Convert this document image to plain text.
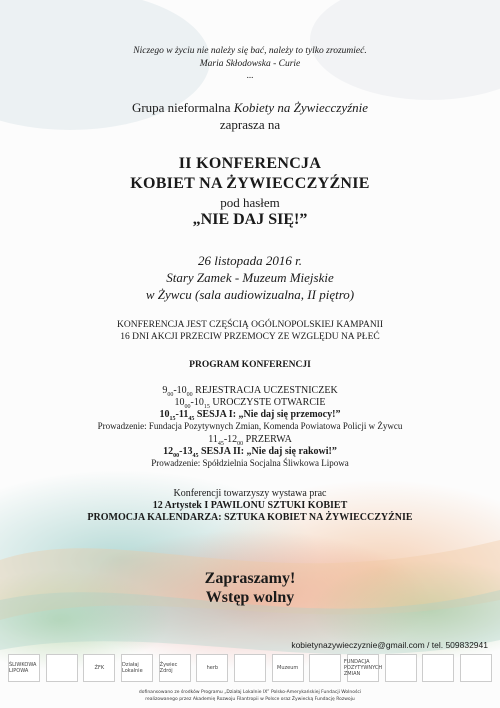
Niczego w życiu nie należy się bać, należy to tylko zrozumieć.
Maria Skłodowska - Curie
...
Grupa nieformalna Kobiety na Żywiecczyźnie
zaprasza na
II KONFERENCJA
KOBIET NA ŻYWIECCZYŹNIE
pod hasłem
„NIE DAJ SIĘ!”
26 listopada 2016 r.
Stary Zamek - Muzeum Miejskie
w Żywcu (sala audiowizualna, II piętro)
KONFERENCJA JEST CZĘŚCIĄ OGÓLNOPOLSKIEJ KAMPANII
16 DNI AKCJI PRZECIW PRZEMOCY ZE WZGLĘDU NA PŁEĆ
PROGRAM KONFERENCJI
$9_{00}-10_{00}$ REJESTRACJA UCZESTNICZEK
$10_{00}-10_{15}$ UROCZYSTE OTWARCIE
$10_{15}-11_{45}$ SESJA I: „Nie daj się przemocy!”
Prowadzenie: Fundacja Pozytywnych Zmian, Komenda Powiatowa Policji w Żywcu
$11_{45}-12_{00}$ PRZERWA
$12_{00}-13_{45}$ SESJA II: „Nie daj się rakowi!”
Prowadzenie: Spółdzielnia Socjalna Śliwkowa Lipowa
Konferencji towarzyszy wystawa prac
12 Artystek I PAWILONU SZTUKI KOBIET
PROMOCJA KALENDARZA: SZTUKA KOBIET NA ŻYWIECCZYŹNIE
Zapraszamy!
Wstęp wolny
kobietynazywieczyznie@gmail.com / tel. 509832941
ŚLIWKOWA LIPOWA	ŻFK	Działaj Lokalnie
Żywiec Zdrój	herb	Muzeum
FUNDACJA POZYTYWNYCH ZMIAN
dofinansowano ze środków Programu „Działaj Lokalnie IX” Polsko-Amerykańskiej Fundacji Wolności
realizowanego przez Akademię Rozwoju Filantropii w Polsce oraz Żywiecką Fundację Rozwoju
